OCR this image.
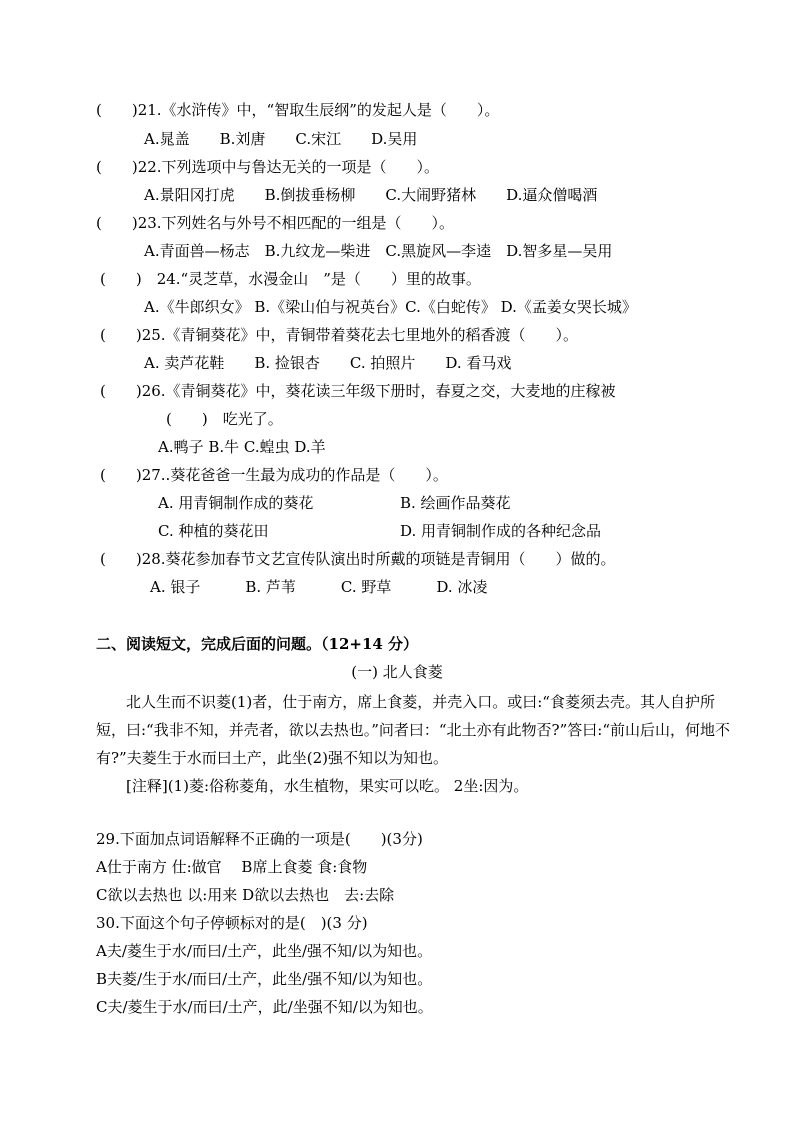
(　　)21.《水浒传》中，“智取生辰纲”的发起人是（　　）。
A.晁盖　　B.刘唐　　C.宋江　　D.吴用
(　　)22.下列选项中与鲁达无关的一项是（　　）。
A.景阳冈打虎　　B.倒拔垂杨柳　　C.大闹野猪林　　D.逼众僧喝酒
(　　)23.下列姓名与外号不相匹配的一组是（　　）。
A.青面兽—杨志　B.九纹龙—柴进　C.黑旋风—李逵　D.智多星—吴用
(　　)　24.“灵芝草，水漫金山　”是（　　）里的故事。
A.《牛郎织女》 B.《梁山伯与祝英台》C.《白蛇传》 D.《孟姜女哭长城》
(　　)25.《青铜葵花》中，青铜带着葵花去七里地外的稻香渡（　　）。
A. 卖芦花鞋　　B. 捡银杏　　C. 拍照片　　D. 看马戏
(　　)26.《青铜葵花》中，葵花读三年级下册时，春夏之交，大麦地的庄稼被
(　　)　吃光了。
A.鸭子 B.牛 C.蝗虫 D.羊
(　　)27..葵花爸爸一生最为成功的作品是（　　）。
A. 用青铜制作成的葵花	B. 绘画作品葵花
C. 种植的葵花田	D. 用青铜制作成的各种纪念品
(　　)28.葵花参加春节文艺宣传队演出时所戴的项链是青铜用（　　）做的。
A. 银子　　　B. 芦苇　　　C. 野草　　　D. 冰凌
二、阅读短文，完成后面的问题。（12+14 分）
(一) 北人食菱
北人生而不识菱(1)者，仕于南方，席上食菱，并壳入口。或曰:“食菱须去壳。其人自护所短，曰:“我非不知，并壳者，欲以去热也。”问者曰：“北土亦有此物否?”答曰:“前山后山，何地不有?”夫菱生于水而曰土产，此坐(2)强不知以为知也。
[注释](1)菱:俗称菱角，水生植物，果实可以吃。 2坐:因为。
29.下面加点词语解释不正确的一项是(　　)(3分)
A仕于南方 仕:做官　 B席上食菱 食:食物
C欲以去热也 以:用来 D欲以去热也　去:去除
30.下面这个句子停顿标对的是(　)(3 分)
A夫/菱生于水/而曰/土产，此坐/强不知/以为知也。
B夫菱/生于水/而曰/土产，此坐/强不知/以为知也。
C夫/菱生于水/而曰/土产，此/坐强不知/以为知也。
